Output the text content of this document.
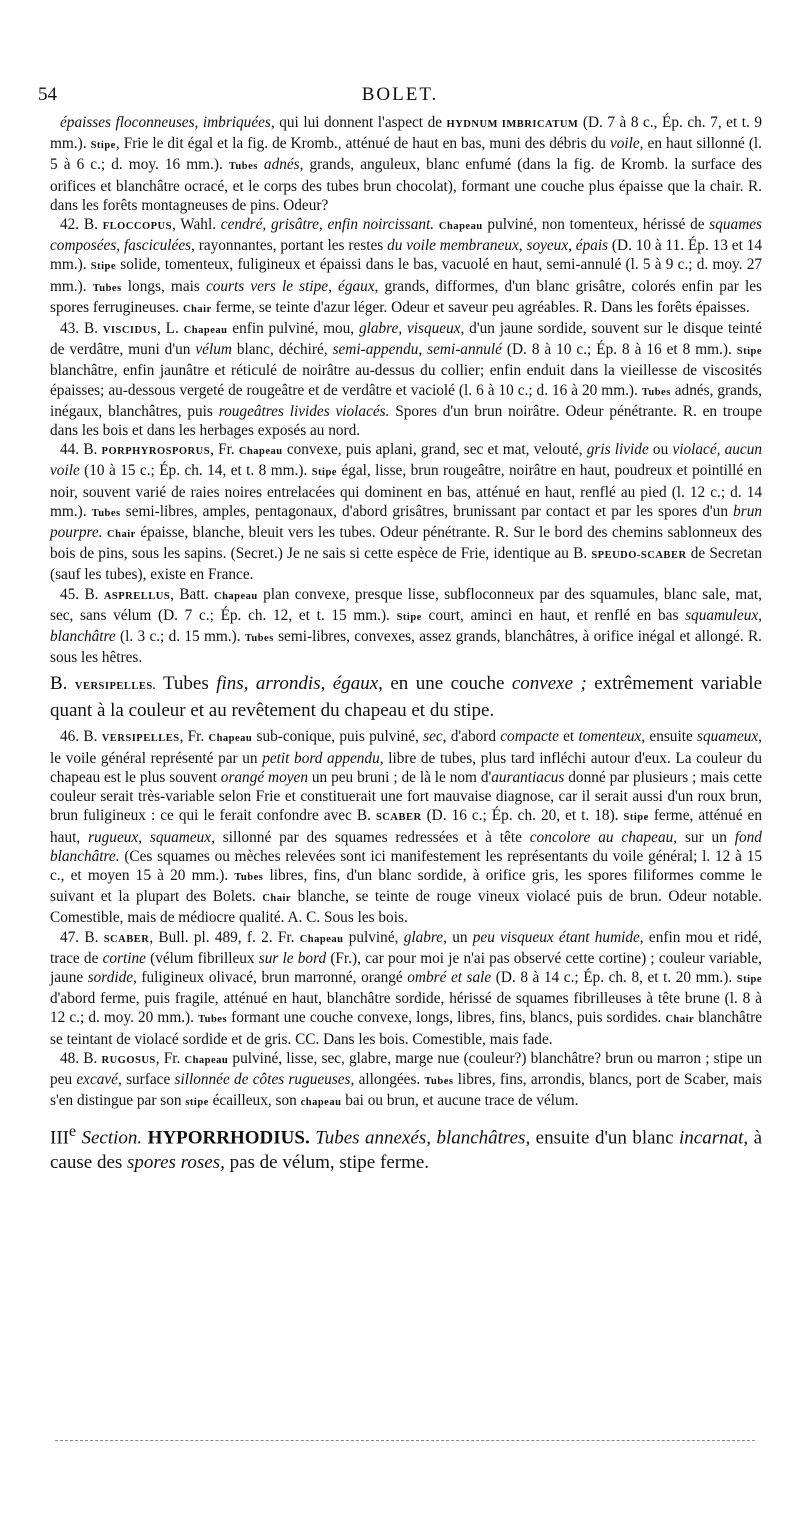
54	BOLET.

épaisses floconneuses, imbriquées, qui lui donnent l'aspect de HYDNUM IMBRICATUM (D. 7 à 8 c., Ép. ch. 7, et t. 9 mm.). Stipe, Frie le dit égal et la fig. de Kromb., atténué de haut en bas, muni des débris du voile, en haut sillonné (l. 5 à 6 c.; d. moy. 16 mm.). Tubes adnés, grands, anguleux, blanc enfumé (dans la fig. de Kromb. la surface des orifices et blanchâtre ocracé, et le corps des tubes brun chocolat), formant une couche plus épaisse que la chair. R. dans les forêts montagneuses de pins. Odeur?

42. B. FLOCCOPUS, Wahl. cendré, grisâtre, enfin noircissant. Chapeau pulviné, non tomenteux, hérissé de squames composées, fasciculées, rayonnantes, portant les restes du voile membraneux, soyeux, épais (D. 10 à 11. Ép. 13 et 14 mm.). Stipe solide, tomenteux, fuligineux et épaissi dans le bas, vacuolé en haut, semi-annulé (l. 5 à 9 c.; d. moy. 27 mm.). Tubes longs, mais courts vers le stipe, égaux, grands, difformes, d'un blanc grisâtre, colorés enfin par les spores ferrugineuses. Chair ferme, se teinte d'azur léger. Odeur et saveur peu agréables. R. Dans les forêts épaisses.

43. B. VISCIDUS, L. Chapeau enfin pulviné, mou, glabre, visqueux, d'un jaune sordide, souvent sur le disque teinté de verdâtre, muni d'un vélum blanc, déchiré, semi-appendu, semi-annulé (D. 8 à 10 c.; Ép. 8 à 16 et 8 mm.). Stipe blanchâtre, enfin jaunâtre et réticulé de noirâtre au-dessus du collier; enfin enduit dans la vieillesse de viscosités épaisses; au-dessous vergeté de rougeâtre et de verdâtre et vaciolé (l. 6 à 10 c.; d. 16 à 20 mm.). Tubes adnés, grands, inégaux, blanchâtres, puis rougeâtres livides violacés. Spores d'un brun noirâtre. Odeur pénétrante. R. en troupe dans les bois et dans les herbages exposés au nord.

44. B. PORPHYROSPORUS, Fr. Chapeau convexe, puis aplani, grand, sec et mat, velouté, gris livide ou violacé, aucun voile (10 à 15 c.; Ép. ch. 14, et t. 8 mm.). Stipe égal, lisse, brun rougeâtre, noirâtre en haut, poudreux et pointillé en noir, souvent varié de raies noires entrelacées qui dominent en bas, atténué en haut, renflé au pied (l. 12 c.; d. 14 mm.). Tubes semi-libres, amples, pentagonaux, d'abord grisâtres, brunissant par contact et par les spores d'un brun pourpre. Chair épaisse, blanche, bleuit vers les tubes. Odeur pénétrante. R. Sur le bord des chemins sablonneux des bois de pins, sous les sapins. (Secret.) Je ne sais si cette espèce de Frie, identique au B. SPEUDO-SCABER de Secretan (sauf les tubes), existe en France.

45. B. ASPRELLUS, Batt. Chapeau plan convexe, presque lisse, subfloconneux par des squamules, blanc sale, mat, sec, sans vélum (D. 7 c.; Ép. ch. 12, et t. 15 mm.). Stipe court, aminci en haut, et renflé en bas squamuleux, blanchâtre (l. 3 c.; d. 15 mm.). Tubes semi-libres, convexes, assez grands, blanchâtres, à orifice inégal et allongé. R. sous les hêtres.

B. VERSIPELLES. Tubes fins, arrondis, égaux, en une couche convexe ; extrêmement variable quant à la couleur et au revêtement du chapeau et du stipe.

46. B. VERSIPELLES, Fr. Chapeau sub-conique, puis pulviné, sec, d'abord compacte et tomenteux, ensuite squameux, le voile général représenté par un petit bord appendu, libre de tubes, plus tard infléchi autour d'eux. La couleur du chapeau est le plus souvent orangé moyen un peu bruni ; de là le nom d'aurantiacus donné par plusieurs ; mais cette couleur serait très-variable selon Frie et constituerait une fort mauvaise diagnose, car il serait aussi d'un roux brun, brun fuligineux : ce qui le ferait confondre avec B. SCABER (D. 16 c.; Ép. ch. 20, et t. 18). Stipe ferme, atténué en haut, rugueux, squameux, sillonné par des squames redressées et à tête concolore au chapeau, sur un fond blanchâtre. (Ces squames ou mèches relevées sont ici manifestement les représentants du voile général; l. 12 à 15 c., et moyen 15 à 20 mm.). Tubes libres, fins, d'un blanc sordide, à orifice gris, les spores filiformes comme le suivant et la plupart des Bolets. Chair blanche, se teinte de rouge vineux violacé puis de brun. Odeur notable. Comestible, mais de médiocre qualité. A. C. Sous les bois.

47. B. SCABER, Bull. pl. 489, f. 2. Fr. Chapeau pulviné, glabre, un peu visqueux étant humide, enfin mou et ridé, trace de cortine (vélum fibrilleux sur le bord (Fr.), car pour moi je n'ai pas observé cette cortine) ; couleur variable, jaune sordide, fuligineux olivacé, brun marronné, orangé ombré et sale (D. 8 à 14 c.; Ép. ch. 8, et t. 20 mm.). Stipe d'abord ferme, puis fragile, atténué en haut, blanchâtre sordide, hérissé de squames fibrilleuses à tête brune (l. 8 à 12 c.; d. moy. 20 mm.). Tubes formant une couche convexe, longs, libres, fins, blancs, puis sordides. Chair blanchâtre se teintant de violacé sordide et de gris. CC. Dans les bois. Comestible, mais fade.

48. B. RUGOSUS, Fr. Chapeau pulviné, lisse, sec, glabre, marge nue (couleur?) blanchâtre? brun ou marron ; stipe un peu excavé, surface sillonnée de côtes rugueuses, allongées. Tubes libres, fins, arrondis, blancs, port de Scaber, mais s'en distingue par son stipe écailleux, son chapeau bai ou brun, et aucune trace de vélum.

IIIe Section. HYPORRHODIUS. Tubes annexés, blanchâtres, ensuite d'un blanc incarnat, à cause des spores roses, pas de vélum, stipe ferme.
